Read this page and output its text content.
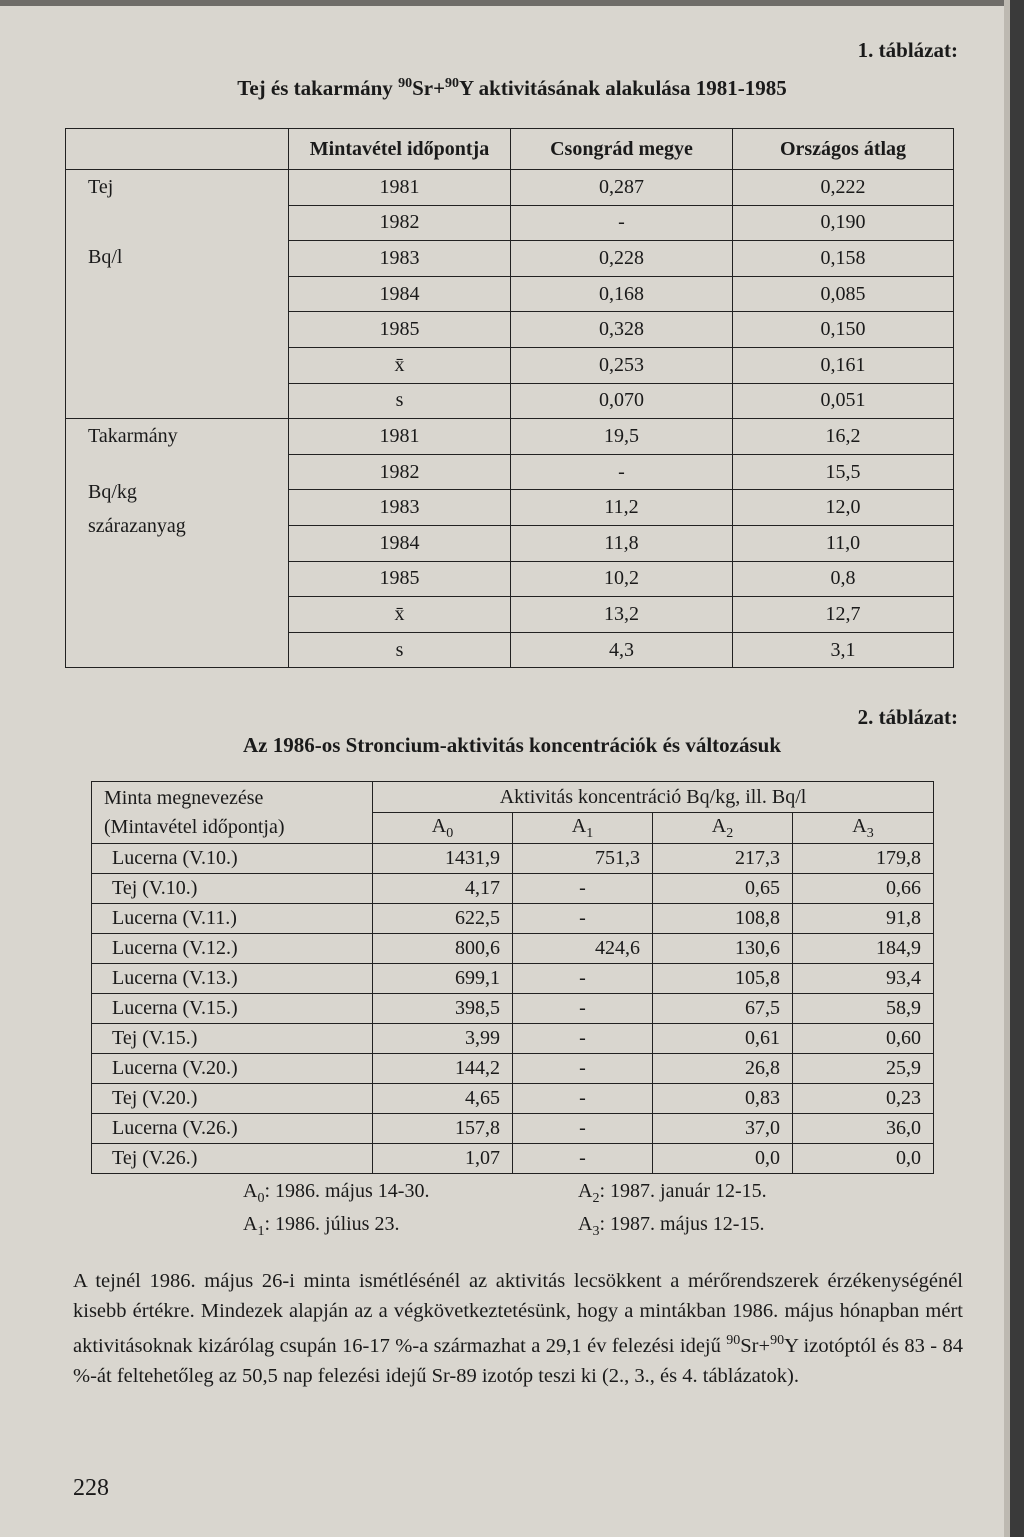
1. táblázat:
Tej és takarmány $^{90}$Sr+$^{90}$Y aktivitásának alakulása 1981-1985
	Mintavétel időpontja	Csongrád megye	Országos átlag

Tej
Bq/l	1981	0,287	0,222
	1982	-	0,190
	1983	0,228	0,158
	1984	0,168	0,085
	1985	0,328	0,150
	x̄	0,253	0,161
	s	0,070	0,051

Takarmány
Bq/kg
szárazanyag	1981	19,5	16,2
	1982	-	15,5
	1983	11,2	12,0
	1984	11,8	11,0
	1985	10,2	0,8
	x̄	13,2	12,7
	s	4,3	3,1
2. táblázat:
Az 1986-os Stroncium-aktivitás koncentrációk és változásuk
Minta megnevezése
(Mintavétel időpontja)	Aktivitás koncentráció Bq/kg, ill. Bq/l			
	$A_0$	$A_1$	$A_2$	$A_3$
Lucerna (V.10.)	1431,9	751,3	217,3	179,8
Tej (V.10.)	4,17	-	0,65	0,66
Lucerna (V.11.)	622,5	-	108,8	91,8
Lucerna (V.12.)	800,6	424,6	130,6	184,9
Lucerna (V.13.)	699,1	-	105,8	93,4
Lucerna (V.15.)	398,5	-	67,5	58,9
Tej (V.15.)	3,99	-	0,61	0,60
Lucerna (V.20.)	144,2	-	26,8	25,9
Tej (V.20.)	4,65	-	0,83	0,23
Lucerna (V.26.)	157,8	-	37,0	36,0
Tej (V.26.)	1,07	-	0,0	0,0
$A_0$: 1986. május 14-30.
$A_1$: 1986. július 23.
$A_2$: 1987. január 12-15.
$A_3$: 1987. május 12-15.
A tejnél 1986. május 26-i minta ismétlésénél az aktivitás lecsökkent a mérőrendszerek érzékenységénél kisebb értékre. Mindezek alapján az a végkövetkeztetésünk, hogy a mintákban 1986. május hónapban mért aktivitásoknak kizárólag csupán 16-17 %-a származhat a 29,1 év felezési idejű $^{90}$Sr+$^{90}$Y izotóptól és 83 - 84 %-át feltehetőleg az 50,5 nap felezési idejű Sr-89 izotóp teszi ki (2., 3., és 4. táblázatok).
228
